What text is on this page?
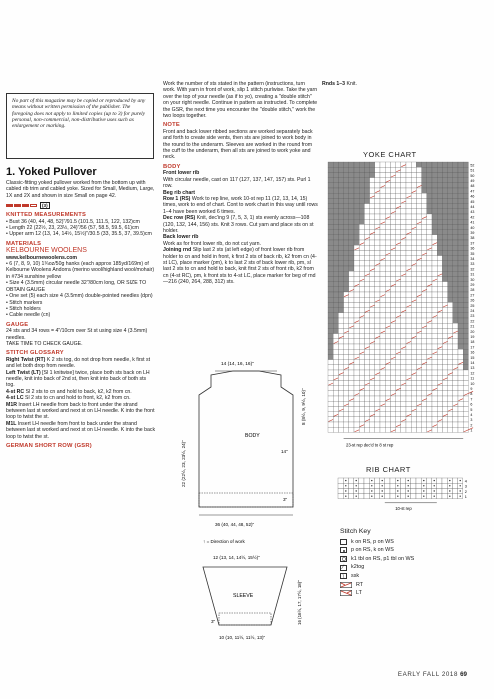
No part of this magazine may be copied or reproduced by any means without written permission of the publisher. The foregoing does not apply to limited copies (up to 3) for purely personal, non-commercial, non-distributive uses such as enlargement or marking.
1. Yoked Pullover

Classic-fitting yoked pullover worked from the bottom up with cabled rib trim and cabled yoke. Sized for Small, Medium, Large, 1X and 2X and shown in size Small on page 42.

(3)
KNITTED MEASUREMENTS

• Bust 36 (40, 44, 48, 52)"/91.5 (101.5, 111.5, 122, 132)cm

• Length 22 (22½, 23, 23½, 24)"/56 (57, 58.5, 59.5, 61)cm

• Upper arm 12 (13, 14, 14½, 15½)"/30.5 (33, 35.5, 37, 39.5)cm

MATERIALS
KELBOURNE WOOLENS

www.kelbournewoolens.com

• 6 (7, 8, 9, 10) 1¾oz/50g hanks (each approx 185yd/169m) of Kelbourne Woolens Andorra (merino wool/highland wool/mohair) in #734 sunshine yellow

• Size 4 (3.5mm) circular needle 32"/80cm long, OR SIZE TO OBTAIN GAUGE

• One set (5) each size 4 (3.5mm) double-pointed needles (dpn)

• Stitch markers

• Stitch holders

• Cable needle (cn)

GAUGE

24 sts and 34 rows = 4"/10cm over St st using size 4 (3.5mm) needles.

TAKE TIME TO CHECK GAUGE.

STITCH GLOSSARY

Right Twist (RT) K 2 sts tog, do not drop from needle, k first st and let both drop from needle.

Left Twist (LT) [Sl 1 knitwise] twice, place both sts back on LH needle, knit into back of 2nd st, then knit into back of both sts tog.

4-st RC Sl 2 sts to cn and hold to back, k2, k2 from cn.

4-st LC Sl 2 sts to cn and hold to front, k2, k2 from cn.

M1R Insert LH needle from back to front under the strand between last st worked and next st on LH needle. K into the front loop to twist the st.

M1L Insert LH needle from front to back under the strand between last st worked and next st on LH needle. K into the back loop to twist the st.

GERMAN SHORT ROW (GSR)

Work the number of sts stated in the pattern (instructions, turn work. With yarn in front of work, slip 1 stitch purlwise. Take the yarn over the top of your needle (as if to yo), creating a "double stitch" on your right needle. Continue in pattern as instructed. To complete the GSR, the next time you encounter the "double stitch," work the two loops together.

NOTE

Front and back lower ribbed sections are worked separately back and forth to create side vents, then sts are joined to work body in the round to the underarm. Sleeves are worked in the round from the cuff to the underarm, then all sts are joined to work yoke and neck.

BODY

Front lower rib

With circular needle, cast on 117 (127, 137, 147, 157) sts. Purl 1 row.

Beg rib chart

Row 1 (RS) Work to rep line, work 10-st rep 11 (12, 13, 14, 15) times, work to end of chart. Cont to work chart in this way until rows 1–4 have been worked 6 times.

Dec row (RS) Knit, dec'ing 9 (7, 5, 3, 1) sts evenly across—108 (120, 132, 144, 156) sts. Knit 3 rows. Cut yarn and place sts on st holder.

Back lower rib

Work as for front lower rib, do not cut yarn.

Joining rnd Slip last 2 sts (at left edge) of front lower rib from holder to cn and hold in front, k first 2 sts of back rib, k2 from cn (4-st LC), place marker (pm), k to last 2 sts of back lower rib, pm, sl last 2 sts to cn and hold to back, knit first 2 sts of front rib, k2 from cn (4-st RC), pm, k front sts to 4-st LC, place marker for beg of rnd—216 (240, 264, 288, 312) sts.

Rnds 1–3 Knit.

14 (14, 16, 16)"
BODY
22 (22½, 23, 23½, 24)"
8 (8½, 9, 9½, 10)"
14"
3"
36 (40, 44, 48, 52)"
↑ = Direction of work
12 (13, 14, 14½, 15½)"
SLEEVE
3"	16 (16½, 17, 17½, 18)"
10 (10, 11½, 11½, 13)"
YOKE CHART
52
51
50
49
48
47
46
45
44
43
42
41
40
39
38
37
36
35
34
33
32
31
30
29
28
27
26
25
24
23
22
21
20
19
18
17
16
15
14
13
12
11
10
9
8
7
6
5
4
3
2
1
23-st rep dec'd to 8 st rep
RIB CHART
4
3
2
1
10-st rep
Stitch Key
k on RS, p on WS
p on RS, k on WS
Q
k1 tbl on RS, p1 tbl on WS
⁄
k2tog
\
ssk
RT
LT
EARLY FALL 2018 69
